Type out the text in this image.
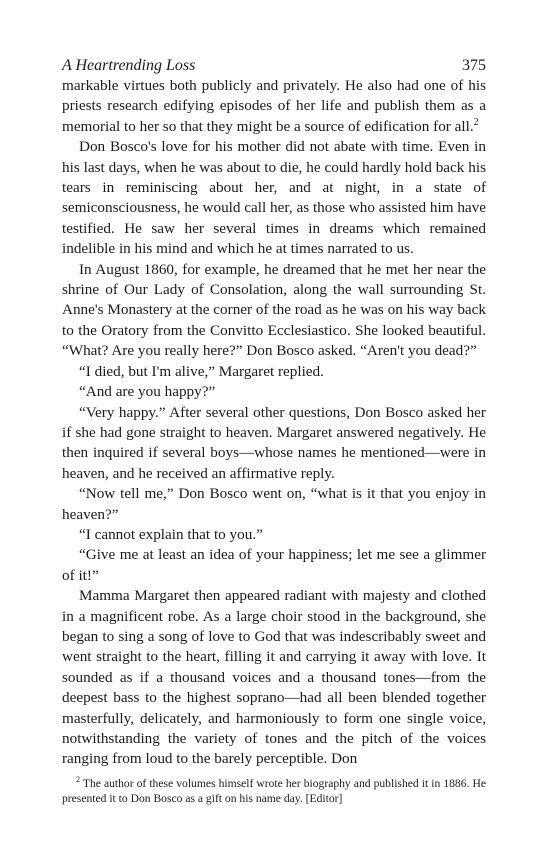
A Heartrending Loss	375

markable virtues both publicly and privately. He also had one of his priests research edifying episodes of her life and publish them as a memorial to her so that they might be a source of edification for all.$^2$

Don Bosco's love for his mother did not abate with time. Even in his last days, when he was about to die, he could hardly hold back his tears in reminiscing about her, and at night, in a state of semiconsciousness, he would call her, as those who assisted him have testified. He saw her several times in dreams which remained indelible in his mind and which he at times narrated to us.

In August 1860, for example, he dreamed that he met her near the shrine of Our Lady of Consolation, along the wall surrounding St. Anne's Monastery at the corner of the road as he was on his way back to the Oratory from the Convitto Ecclesiastico. She looked beautiful. “What? Are you really here?” Don Bosco asked. “Aren't you dead?”

“I died, but I'm alive,” Margaret replied.

“And are you happy?”

“Very happy.” After several other questions, Don Bosco asked her if she had gone straight to heaven. Margaret answered negatively. He then inquired if several boys—whose names he mentioned—were in heaven, and he received an affirmative reply.

“Now tell me,” Don Bosco went on, “what is it that you enjoy in heaven?”

“I cannot explain that to you.”

“Give me at least an idea of your happiness; let me see a glimmer of it!”

Mamma Margaret then appeared radiant with majesty and clothed in a magnificent robe. As a large choir stood in the background, she began to sing a song of love to God that was indescribably sweet and went straight to the heart, filling it and carrying it away with love. It sounded as if a thousand voices and a thousand tones—from the deepest bass to the highest soprano—had all been blended together masterfully, delicately, and harmoniously to form one single voice, notwithstanding the variety of tones and the pitch of the voices ranging from loud to the barely perceptible. Don

$^2$ The author of these volumes himself wrote her biography and published it in 1886. He presented it to Don Bosco as a gift on his name day. [Editor]
